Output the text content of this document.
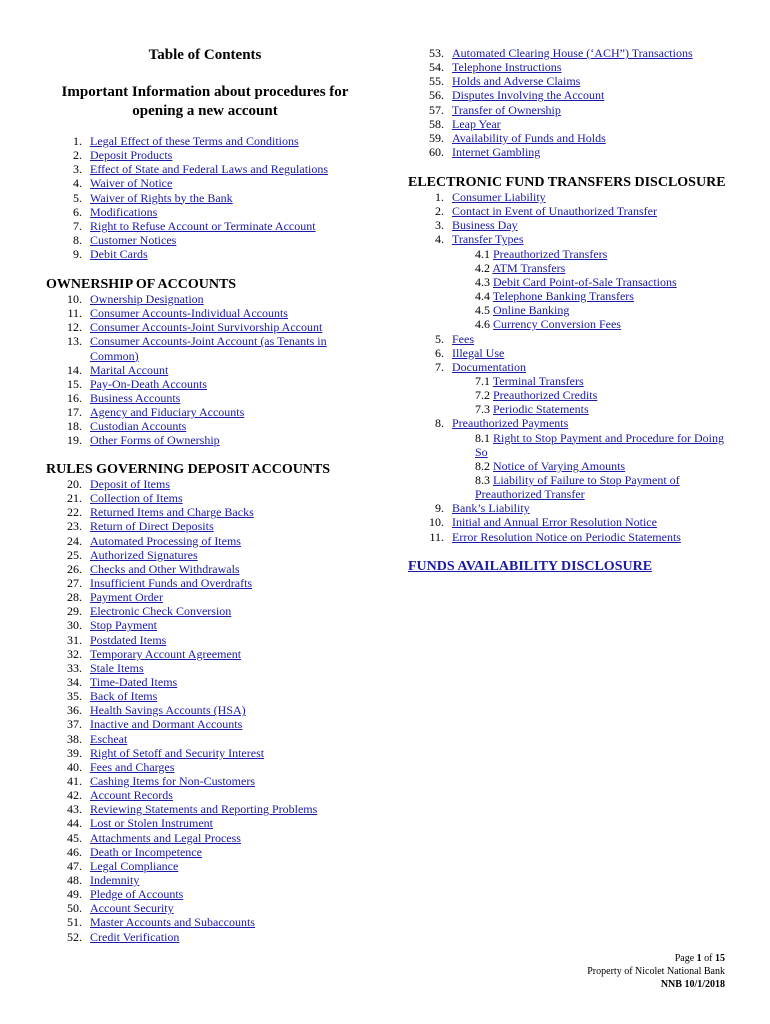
Table of Contents
Important Information about procedures for
opening a new account
1. Legal Effect of these Terms and Conditions
2. Deposit Products
3. Effect of State and Federal Laws and Regulations
4. Waiver of Notice
5. Waiver of Rights by the Bank
6. Modifications
7. Right to Refuse Account or Terminate Account
8. Customer Notices
9. Debit Cards
OWNERSHIP OF ACCOUNTS
10. Ownership Designation
11. Consumer Accounts-Individual Accounts
12. Consumer Accounts-Joint Survivorship Account
13. Consumer Accounts-Joint Account (as Tenants in Common)
14. Marital Account
15. Pay-On-Death Accounts
16. Business Accounts
17. Agency and Fiduciary Accounts
18. Custodian Accounts
19. Other Forms of Ownership
RULES GOVERNING DEPOSIT ACCOUNTS
20. Deposit of Items
21. Collection of Items
22. Returned Items and Charge Backs
23. Return of Direct Deposits
24. Automated Processing of Items
25. Authorized Signatures
26. Checks and Other Withdrawals
27. Insufficient Funds and Overdrafts
28. Payment Order
29. Electronic Check Conversion
30. Stop Payment
31. Postdated Items
32. Temporary Account Agreement
33. Stale Items
34. Time-Dated Items
35. Back of Items
36. Health Savings Accounts (HSA)
37. Inactive and Dormant Accounts
38. Escheat
39. Right of Setoff and Security Interest
40. Fees and Charges
41. Cashing Items for Non-Customers
42. Account Records
43. Reviewing Statements and Reporting Problems
44. Lost or Stolen Instrument
45. Attachments and Legal Process
46. Death or Incompetence
47. Legal Compliance
48. Indemnity
49. Pledge of Accounts
50. Account Security
51. Master Accounts and Subaccounts
52. Credit Verification
53. Automated Clearing House (‘ACH”) Transactions
54. Telephone Instructions
55. Holds and Adverse Claims
56. Disputes Involving the Account
57. Transfer of Ownership
58. Leap Year
59. Availability of Funds and Holds
60. Internet Gambling
ELECTRONIC FUND TRANSFERS DISCLOSURE
1. Consumer Liability
2. Contact in Event of Unauthorized Transfer
3. Business Day
4. Transfer Types
4.1 Preauthorized Transfers
4.2 ATM Transfers
4.3 Debit Card Point-of-Sale Transactions
4.4 Telephone Banking Transfers
4.5 Online Banking
4.6 Currency Conversion Fees
5. Fees
6. Illegal Use
7. Documentation
7.1 Terminal Transfers
7.2 Preauthorized Credits
7.3 Periodic Statements
8. Preauthorized Payments
8.1 Right to Stop Payment and Procedure for Doing So
8.2 Notice of Varying Amounts
8.3 Liability of Failure to Stop Payment of Preauthorized Transfer
9. Bank’s Liability
10. Initial and Annual Error Resolution Notice
11. Error Resolution Notice on Periodic Statements
FUNDS AVAILABILITY DISCLOSURE
Page 1 of 15
Property of Nicolet National Bank
NNB 10/1/2018
